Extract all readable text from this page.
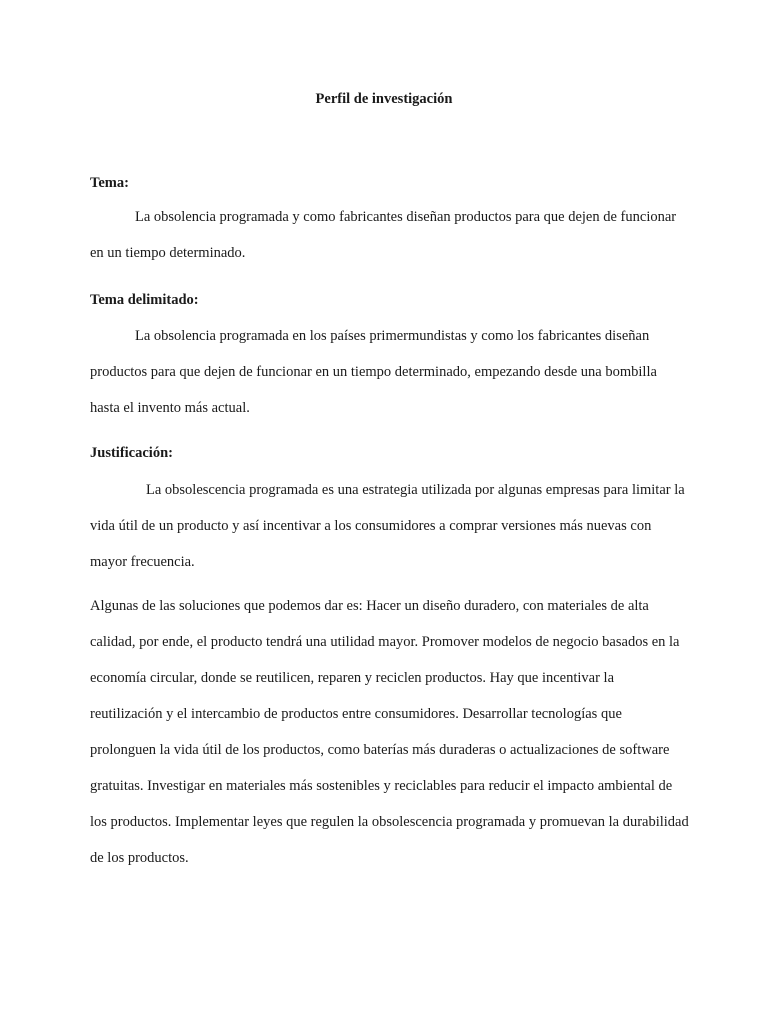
Perfil de investigación
Tema:

La obsolencia programada y como fabricantes diseñan productos para que dejen de funcionar en un tiempo determinado.

Tema delimitado:

La obsolencia programada en los países primermundistas y como los fabricantes diseñan productos para que dejen de funcionar en un tiempo determinado, empezando desde una bombilla hasta el invento más actual.

Justificación:

La obsolescencia programada es una estrategia utilizada por algunas empresas para limitar la vida útil de un producto y así incentivar a los consumidores a comprar versiones más nuevas con mayor frecuencia.

Algunas de las soluciones que podemos dar es: Hacer un diseño duradero, con materiales de alta calidad, por ende, el producto tendrá una utilidad mayor. Promover modelos de negocio basados en la economía circular, donde se reutilicen, reparen y reciclen productos. Hay que incentivar la reutilización y el intercambio de productos entre consumidores. Desarrollar tecnologías que prolonguen la vida útil de los productos, como baterías más duraderas o actualizaciones de software gratuitas. Investigar en materiales más sostenibles y reciclables para reducir el impacto ambiental de los productos. Implementar leyes que regulen la obsolescencia programada y promuevan la durabilidad de los productos.
